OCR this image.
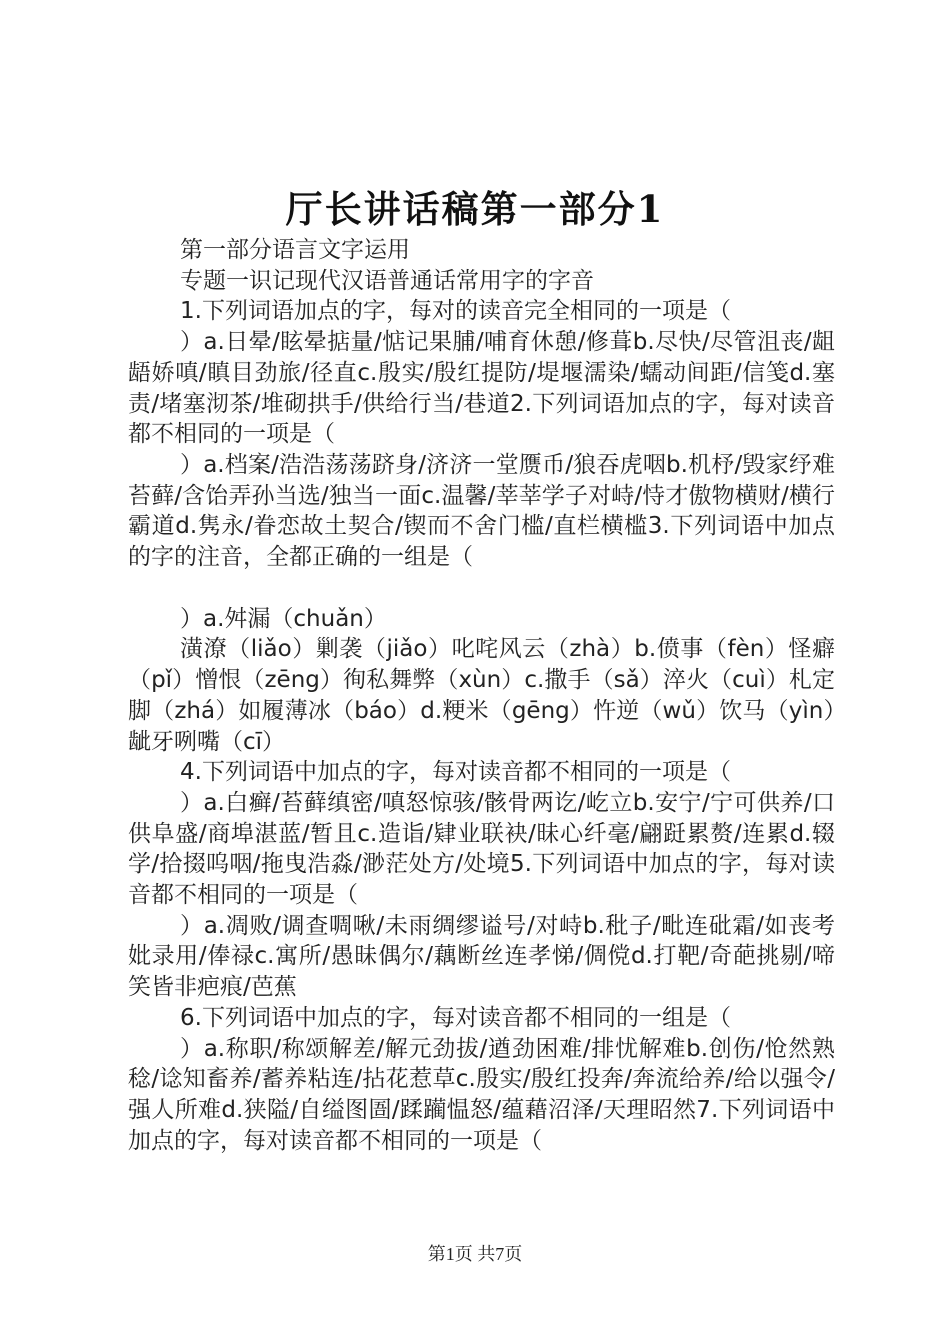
厅长讲话稿第一部分1

第一部分语言文字运用

专题一识记现代汉语普通话常用字的字音

1.下列词语加点的字，每对的读音完全相同的一项是（

）a.日晕/眩晕掂量/惦记果脯/哺育休憩/修葺b.尽快/尽管沮丧/龃龉娇嗔/瞋目劲旅/径直c.殷实/殷红提防/堤堰濡染/蠕动间距/信笺d.塞责/堵塞沏茶/堆砌拱手/供给行当/巷道2.下列词语加点的字，每对读音都不相同的一项是（

）a.档案/浩浩荡荡跻身/济济一堂赝币/狼吞虎咽b.机杼/毁家纾难苔藓/含饴弄孙当选/独当一面c.温馨/莘莘学子对峙/恃才傲物横财/横行霸道d.隽永/眷恋故土契合/锲而不舍门槛/直栏横槛3.下列词语中加点的字的注音，全都正确的一组是（

）a.舛漏（chuǎn）

潢潦（liǎo）剿袭（jiǎo）叱咤风云（zhà）b.偾事（fèn）怪癖（pǐ）憎恨（zēng）徇私舞弊（xùn）c.撒手（sǎ）淬火（cuì）札定脚（zhá）如履薄冰（báo）d.粳米（gēng）忤逆（wǔ）饮马（yìn）龇牙咧嘴（cī）

4.下列词语中加点的字，每对读音都不相同的一项是（

）a.白癣/苔藓缜密/嗔怒惊骇/骸骨两讫/屹立b.安宁/宁可供养/口供阜盛/商埠湛蓝/暂且c.造诣/肄业联袂/昧心纤毫/翩跹累赘/连累d.辍学/拾掇呜咽/拖曳浩淼/渺茫处方/处境5.下列词语中加点的字，每对读音都不相同的一项是（

）a.凋败/调查啁啾/未雨绸缪谥号/对峙b.秕子/毗连砒霜/如丧考妣录用/俸禄c.寓所/愚昧偶尔/藕断丝连孝悌/倜傥d.打靶/奇葩挑剔/啼笑皆非疤痕/芭蕉

6.下列词语中加点的字，每对读音都不相同的一组是（

）a.称职/称颂解差/解元劲拔/遒劲困难/排忧解难b.创伤/怆然熟稔/谂知畜养/蓄养粘连/拈花惹草c.殷实/殷红投奔/奔流给养/给以强令/强人所难d.狭隘/自缢图圄/蹂躏愠怒/蕴藉沼泽/天理昭然7.下列词语中加点的字，每对读音都不相同的一项是（

第1页 共7页
